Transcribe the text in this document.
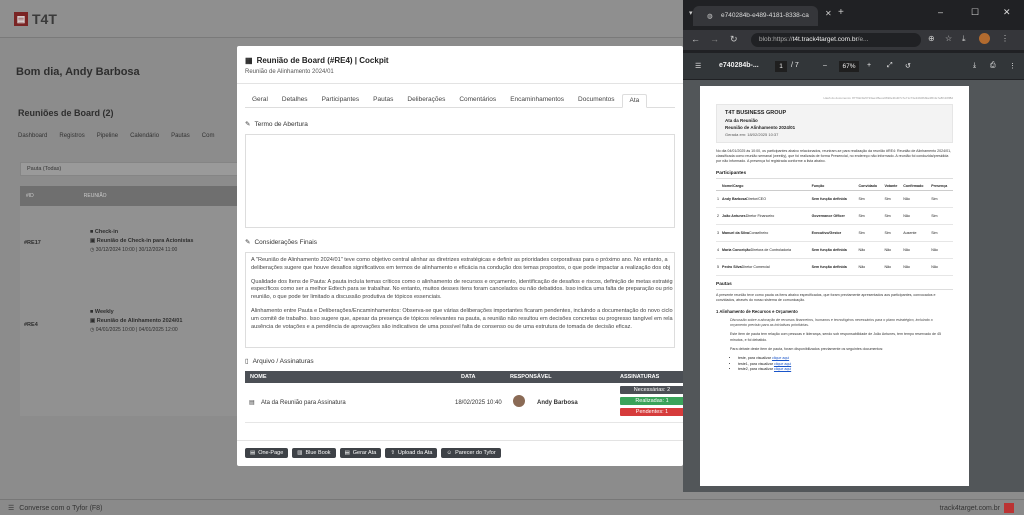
▤ T4T
Bom dia, Andy Barbosa
Reuniões de Board (2)
Dashboard Registros Pipeline Calendário Pautas Com
Pauta (Todas)
#ID	REUNIÃO
#RE17
■ Check-in
▣ Reunião de Check-in para Acionistas
◷ 30/12/2024 10:00 | 30/12/2024 11:00
#RE4
■ Weekly
▣ Reunião de Alinhamento 2024/01
◷ 04/01/2025 10:00 | 04/01/2025 12:00
☰ Converse com o Tyfor (F8)	track4target.com.br
▦ Reunião de Board (#RE4) | Cockpit
Reunião de Alinhamento 2024/01
Geral	Detalhes	Participantes	Pautas	Deliberações	Comentários	Encaminhamentos	Documentos	Ata
✎ Termo de Abertura
✎ Considerações Finais

A "Reunião de Alinhamento 2024/01" teve como objetivo central alinhar as diretrizes estratégicas e definir as prioridades corporativas para o próximo ano. No entanto, a
deliberações sugere que houve desafios significativos em termos de alinhamento e eficácia na condução dos temas propostos, o que pode impactar a realização dos obj

Qualidade dos Itens de Pauta: A pauta incluía temas críticos como o alinhamento de recursos e orçamento, identificação de desafios e riscos, definição de metas estratég
específicos como ser a melhor Edtech para se trabalhar. No entanto, muitos desses itens foram cancelados ou não debatidos. Isso indica uma falta de preparação ou prio
reunião, o que pode ter limitado a discussão produtiva de tópicos essenciais.

Alinhamento entre Pauta e Deliberações/Encaminhamentos: Observa-se que várias deliberações importantes ficaram pendentes, incluindo a documentação do novo ciclo
um comitê de trabalho. Isso sugere que, apesar da presença de tópicos relevantes na pauta, a reunião não resultou em decisões concretas ou progresso tangível em rela
ausência de votações e a pendência de aprovações são indicativos de uma possível falta de consenso ou de uma estrutura de tomada de decisão eficaz.

▯ Arquivo / Assinaturas
NOME	DATA	RESPONSÁVEL	ASSINATURAS
▤ Ata da Reunião para Assinatura	18/02/2025 10:40	Andy Barbosa
Necessárias: 2
Realizadas: 1
Pendentes: 1
▤ One-Page	▥ Blue Book	▤ Gerar Ata	⇧ Upload da Ata	☺ Parecer do Tyfor
▾ ◍ e740284b-e489-4181-8338-ca	✕ +	–	☐	✕
← → ↻	blob:https://t4t.track4target.com.br/e...	⊕ ☆ ⤓	⋮
☰	e740284b-...	1	/ 7	–	67%	+ ⤢ ↺	⤓ ⎙ ⋮
Hash do documento: 87792c9e5723ae1f6ece6690e3bd07c7e71c73e34b08d9a4f61fe7e8f1fc8f8d
T4T BUSINESS GROUP
Ata da Reunião
Reunião de Alinhamento 2024/01
Gerada em: 18/02/2025 10:37
No dia 04/01/2025 às 10:00, os participantes abaixo relacionados, reuniram-se para realização da reunião #RE4: Reunião de Alinhamento 2024/01, classificada como reunião semanal (weekly), que foi realizada de forma Presencial, no endereço não informado. A reunião foi conduzida/presidida por não informado. A presença foi registrada conforme a lista abaixo.
Participantes
	Nome/Cargo	Função	Convidado	Votante	Confirmado	Presença
1	Andy BarbosaDiretor/CEO	Sem função definida	Sim	Sim	Não	Sim
2	João AntunesDiretor Financeiro	Governance Officer	Sim	Sim	Não	Sim
3	Manuel da SilvaConselheiro	Executivo/Gestor	Sim	Sim	Ausente	Sim
4	Maria ConceiçãoDiretora de Controladoria	Sem função definida	Não	Não	Não	Não
5	Pedro SilvaDiretor Comercial	Sem função definida	Não	Não	Não	Não
Pautas
A presente reunião teve como pauta os itens abaixo especificados, que foram previamente apresentados aos participantes, convocados e convidados, através do nosso sistema de comunicação.
1 Alinhamento de Recursos e Orçamento
Discussão sobre a alocação de recursos financeiros, humanos e tecnológicos necessários para o plano estratégico, incluindo o orçamento previsto para as iniciativas prioritárias.
Este item de pauta tem relação com pessoas e liderança, sendo sob responsabilidade de João Antunes, tem tempo reservado de 45 minutos, e foi debatido.
Para debate deste item de pauta, foram disponibilizados previamente os seguintes documentos:
• teste, para visualizar clique aqui
• teste1, para visualizar clique aqui
• teste2, para visualizar clique aqui
